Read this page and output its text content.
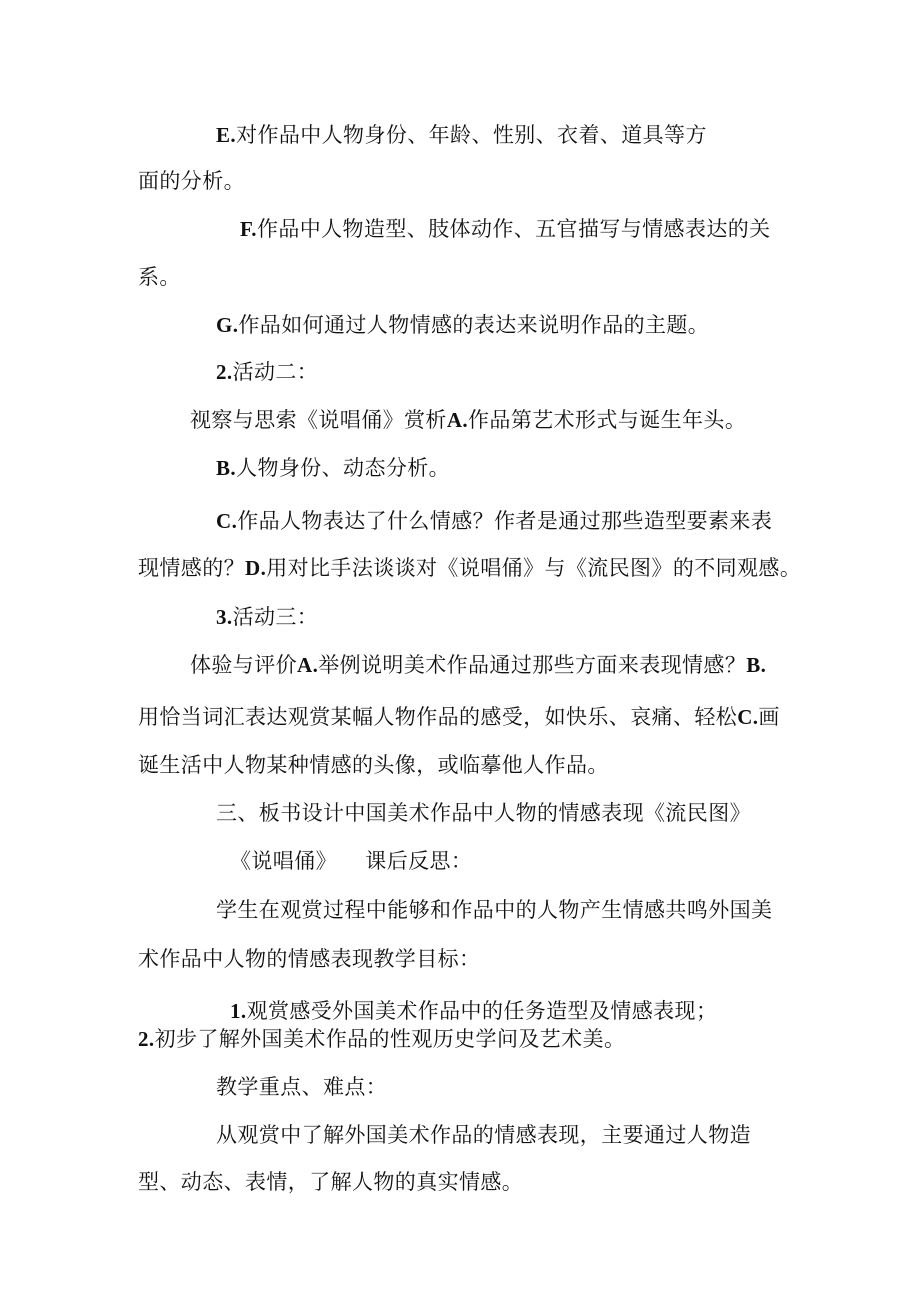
E.对作品中人物身份、年龄、性别、衣着、道具等方
面的分析。
F.作品中人物造型、肢体动作、五官描写与情感表达的关
系。
G.作品如何通过人物情感的表达来说明作品的主题。
2.活动二：
视察与思索《说唱俑》赏析A.作品第艺术形式与诞生年头。
B.人物身份、动态分析。
C.作品人物表达了什么情感？作者是通过那些造型要素来表
现情感的？D.用对比手法谈谈对《说唱俑》与《流民图》的不同观感。
3.活动三：
体验与评价A.举例说明美术作品通过那些方面来表现情感？B.
用恰当词汇表达观赏某幅人物作品的感受，如快乐、哀痛、轻松C.画
诞生活中人物某种情感的头像，或临摹他人作品。
三、板书设计中国美术作品中人物的情感表现《流民图》
《说唱俑》    课后反思：
学生在观赏过程中能够和作品中的人物产生情感共鸣外国美
术作品中人物的情感表现教学目标：
1.观赏感受外国美术作品中的任务造型及情感表现；
2.初步了解外国美术作品的性观历史学问及艺术美。
教学重点、难点：
从观赏中了解外国美术作品的情感表现，主要通过人物造
型、动态、表情，了解人物的真实情感。
